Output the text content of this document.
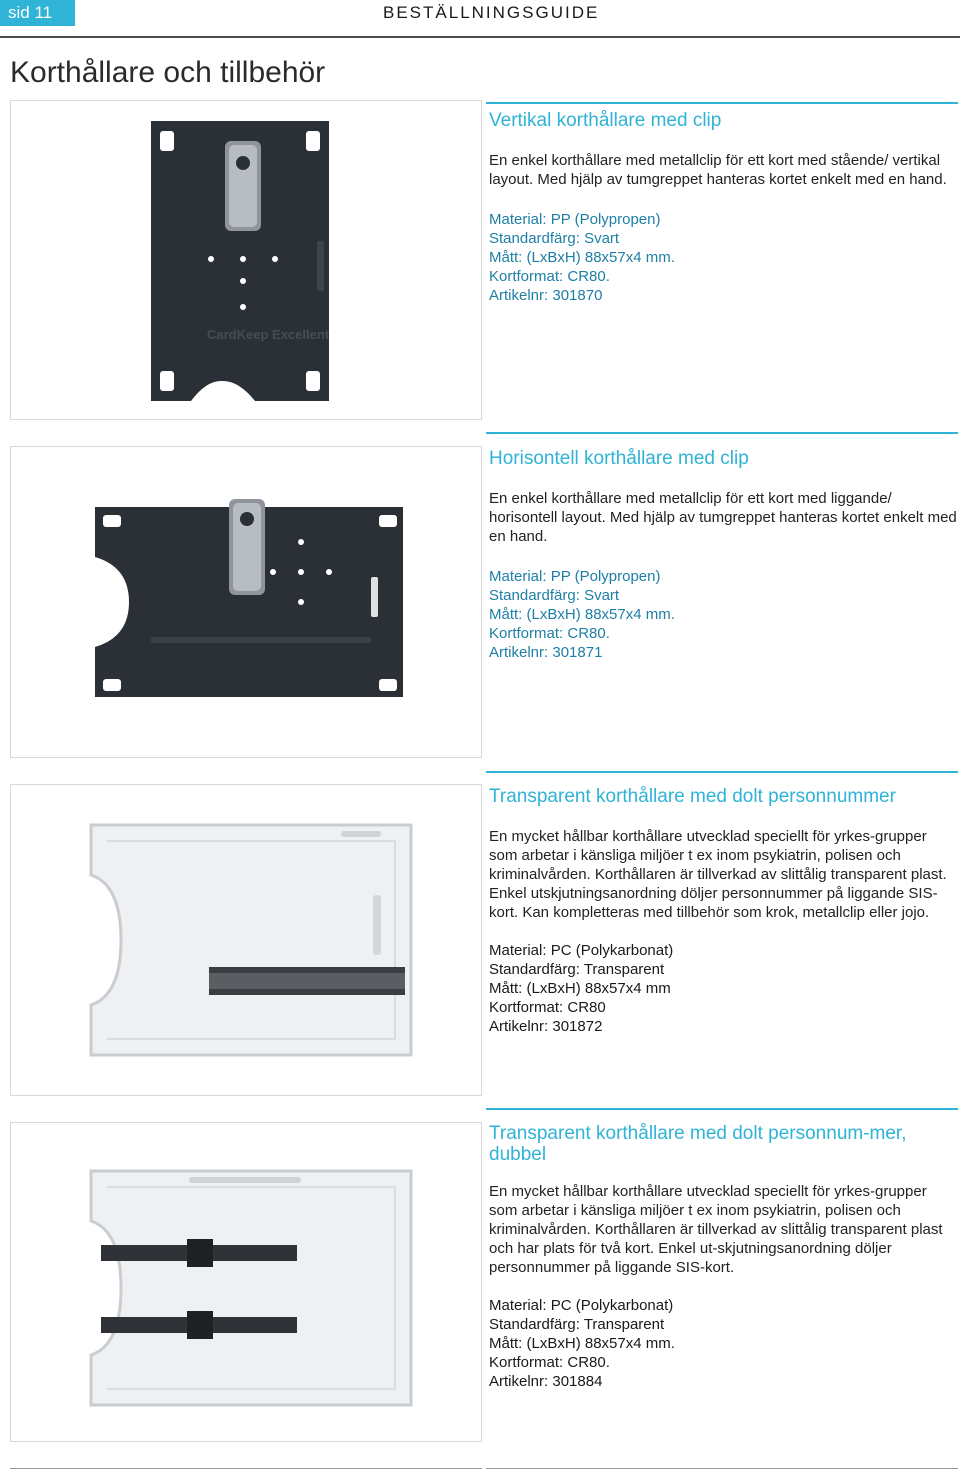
sid 11	BESTÄLLNINGSGUIDE
Korthållare och tillbehör
CardKeep Excellent
Vertikal korthållare med clip
En enkel korthållare med metallclip för ett kort med stående/ vertikal layout. Med hjälp av tumgreppet hanteras kortet enkelt med en hand.
Material: PP (Polypropen)
Standardfärg: Svart
Mått: (LxBxH) 88x57x4 mm.
Kortformat: CR80.
Artikelnr: 301870
Horisontell korthållare med clip
En enkel korthållare med metallclip för ett kort med liggande/ horisontell layout. Med hjälp av tumgreppet hanteras kortet enkelt med en hand.
Material: PP (Polypropen)
Standardfärg: Svart
Mått: (LxBxH) 88x57x4 mm.
Kortformat: CR80.
Artikelnr: 301871
Transparent korthållare med dolt personnummer
En mycket hållbar korthållare utvecklad speciellt för yrkes-grupper som arbetar i känsliga miljöer t ex inom psykiatrin, polisen och kriminalvården. Korthållaren är tillverkad av slittålig transparent plast. Enkel utskjutningsanordning döljer personnummer på liggande SIS-kort. Kan kompletteras med tillbehör som krok, metallclip eller jojo.
Material: PC (Polykarbonat)
Standardfärg: Transparent
Mått: (LxBxH) 88x57x4 mm
Kortformat: CR80
Artikelnr: 301872
Transparent korthållare med dolt personnum-mer, dubbel
En mycket hållbar korthållare utvecklad speciellt för yrkes-grupper som arbetar i känsliga miljöer t ex inom psykiatrin, polisen och kriminalvården. Korthållaren är tillverkad av slittålig transparent plast och har plats för två kort. Enkel ut-skjutningsanordning döljer personnummer på liggande SIS-kort.
Material: PC (Polykarbonat)
Standardfärg: Transparent
Mått: (LxBxH) 88x57x4 mm.
Kortformat: CR80.
Artikelnr: 301884
